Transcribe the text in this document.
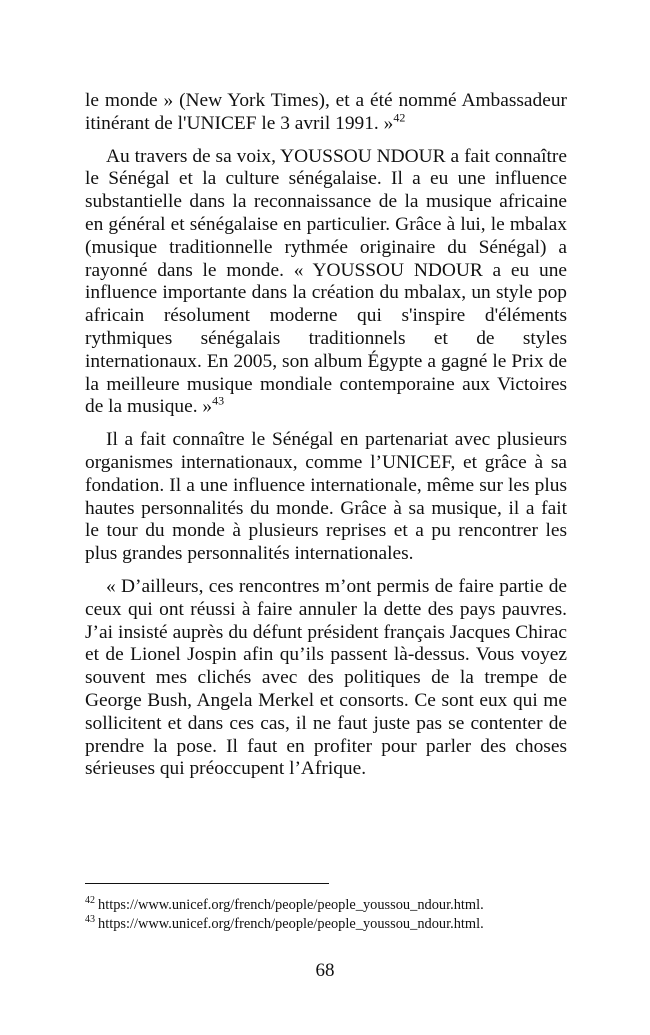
le monde » (New York Times), et a été nommé Ambassadeur itinérant de l'UNICEF le 3 avril 1991. »$^{42}$

Au travers de sa voix, YOUSSOU NDOUR a fait connaître le Sénégal et la culture sénégalaise. Il a eu une influence substantielle dans la reconnaissance de la musique africaine en général et sénégalaise en particulier. Grâce à lui, le mbalax (musique traditionnelle rythmée originaire du Sénégal) a rayonné dans le monde. « YOUSSOU NDOUR a eu une influence importante dans la création du mbalax, un style pop africain résolument moderne qui s'inspire d'éléments rythmiques sénégalais traditionnels et de styles internationaux. En 2005, son album Égypte a gagné le Prix de la meilleure musique mondiale contemporaine aux Victoires de la musique. »$^{43}$

Il a fait connaître le Sénégal en partenariat avec plusieurs organismes internationaux, comme l’UNICEF, et grâce à sa fondation. Il a une influence internationale, même sur les plus hautes personnalités du monde. Grâce à sa musique, il a fait le tour du monde à plusieurs reprises et a pu rencontrer les plus grandes personnalités internationales.

« D’ailleurs, ces rencontres m’ont permis de faire partie de ceux qui ont réussi à faire annuler la dette des pays pauvres. J’ai insisté auprès du défunt président français Jacques Chirac et de Lionel Jospin afin qu’ils passent là-dessus. Vous voyez souvent mes clichés avec des politiques de la trempe de George Bush, Angela Merkel et consorts. Ce sont eux qui me sollicitent et dans ces cas, il ne faut juste pas se contenter de prendre la pose. Il faut en profiter pour parler des choses sérieuses qui préoccupent l’Afrique.

$^{42}$ https://www.unicef.org/french/people/people_youssou_ndour.html.
$^{43}$ https://www.unicef.org/french/people/people_youssou_ndour.html.
68
